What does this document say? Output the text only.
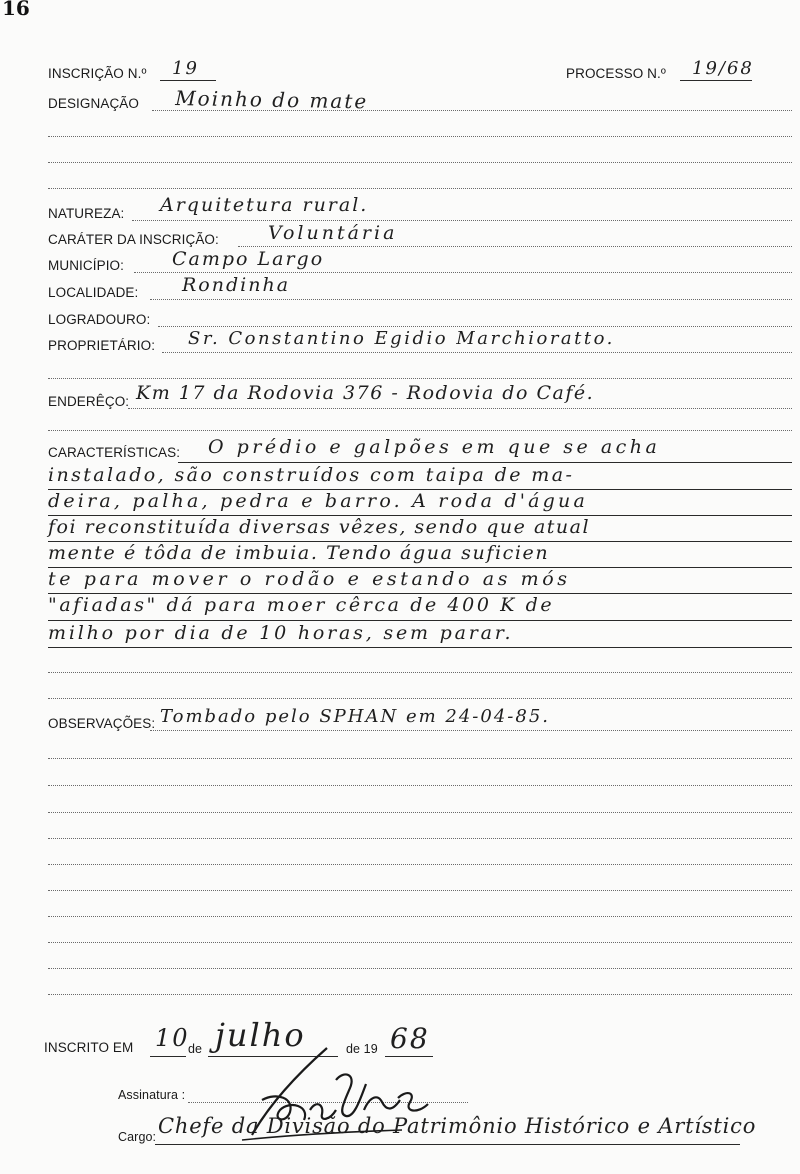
16
INSCRIÇÃO N.º 19	PROCESSO N.º 19/68
DESIGNAÇÃO Moinho do mate
NATUREZA: Arquitetura rural.
CARÁTER DA INSCRIÇÃO:	Voluntária
MUNICÍPIO:	Campo Largo
LOCALIDADE: Rondinha
LOGRADOURO:
PROPRIETÁRIO: Sr. Constantino Egidio Marchioratto.
ENDERÊÇO: Km 17 da Rodovia 376 - Rodovia do Café.
CARACTERÍSTICAS: O prédio e galpões em que se acha
instalado, são construídos com taipa de ma-
deira, palha, pedra e barro. A roda d'água
foi reconstituída diversas vêzes, sendo que atual
mente é tôda de imbuia. Tendo água suficien
te para mover o rodão e estando as mós
"afiadas" dá para moer cêrca de 400 K de
milho por dia de 10 horas, sem parar.
OBSERVAÇÕES: Tombado pelo SPHAN em 24-04-85.
INSCRITO EM 10
de julho	de 19 68
Assinatura :
Cargo: Chefe da Divisão do Patrimônio Histórico e Artístico
